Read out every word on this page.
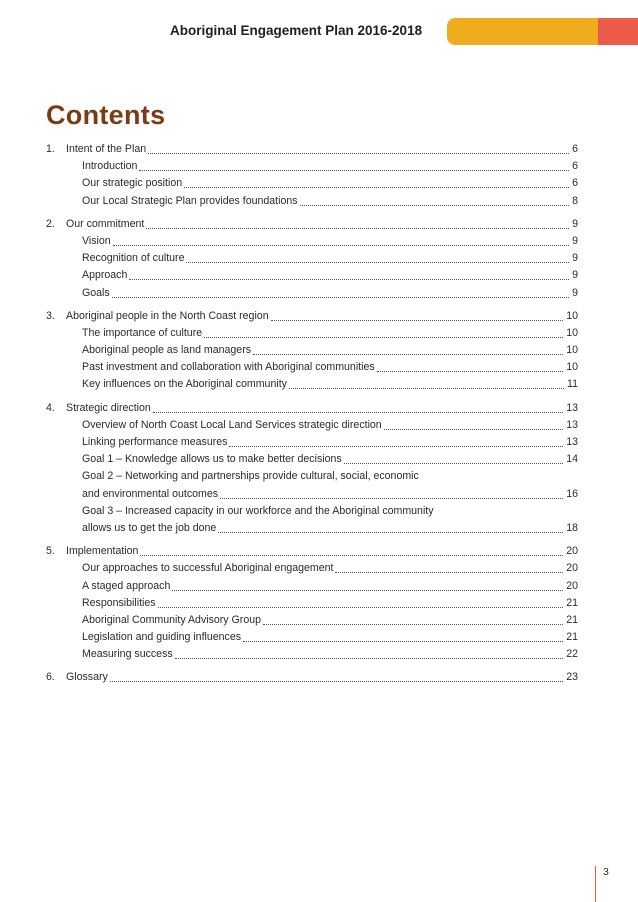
Aboriginal Engagement Plan 2016-2018
Contents
1.	Intent of the Plan	6
Introduction	6
Our strategic position	6
Our Local Strategic Plan provides foundations	8
2.	Our commitment	9
Vision	9
Recognition of culture	9
Approach	9
Goals	9
3.	Aboriginal people in the North Coast region	10
The importance of culture	10
Aboriginal people as land managers	10
Past investment and collaboration with Aboriginal communities	10
Key influences on the Aboriginal community	11
4.	Strategic direction	13
Overview of North Coast Local Land Services strategic direction	13
Linking performance measures	13
Goal 1 – Knowledge allows us to make better decisions	14
Goal 2 – Networking and partnerships provide cultural, social, economic
and environmental outcomes	16
Goal 3 – Increased capacity in our workforce and the Aboriginal community
allows us to get the job done	18
5.	Implementation	20
Our approaches to successful Aboriginal engagement	20
A staged approach	20
Responsibilities	21
Aboriginal Community Advisory Group	21
Legislation and guiding influences	21
Measuring success	22
6.	Glossary	23
3
